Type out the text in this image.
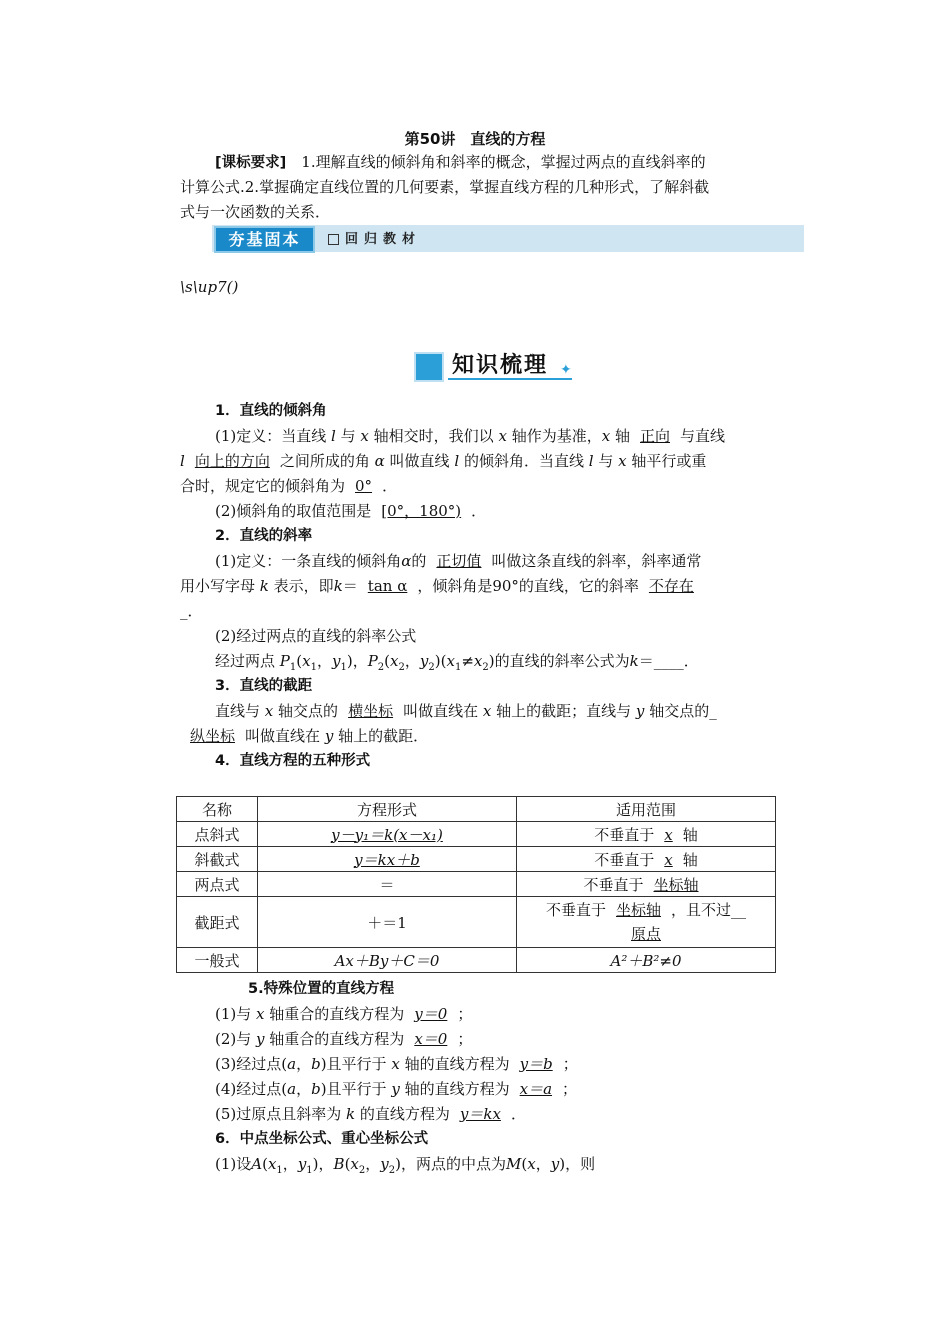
第50讲　直线的方程
[课标要求]　 1.理解直线的倾斜角和斜率的概念，掌握过两点的直线斜率的
计算公式.2.掌握确定直线位置的几何要素，掌握直线方程的几种形式，了解斜截
式与一次函数的关系．
夯基固本	回归教材
\s\up7()
知识梳理 ✦
1．直线的倾斜角
(1)定义：当直线 l 与 x 轴相交时，我们以 x 轴作为基准，x 轴 正向 与直线
l 向上的方向 之间所成的角 α 叫做直线 l 的倾斜角．当直线 l 与 x 轴平行或重
合时，规定它的倾斜角为 0° ．
(2)倾斜角的取值范围是 [0°，180°) ．
2．直线的斜率
(1)定义：一条直线的倾斜角α的 正切值 叫做这条直线的斜率，斜率通常
用小写字母 k 表示，即k＝ tan α ，倾斜角是90°的直线，它的斜率 不存在
_．
(2)经过两点的直线的斜率公式
经过两点 $P_1(x_1$，$y_1$)，$P_2(x_2$，$y_2)(x_1\ne x_2)$的直线的斜率公式为k＝____．
3．直线的截距
直线与 x 轴交点的 横坐标 叫做直线在 x 轴上的截距；直线与 y 轴交点的_
纵坐标 叫做直线在 y 轴上的截距．
4．直线方程的五种形式
名称	方程形式	适用范围
点斜式	y－y₁＝k(x－x₁)	不垂直于 x 轴
斜截式	y＝kx＋b	不垂直于 x 轴
两点式	＝	不垂直于 坐标轴
截距式	＋＝1	不垂直于 坐标轴 ，且不过__
原点
一般式	Ax＋By＋C＝0	A²＋B²≠0
5.特殊位置的直线方程
(1)与 x 轴重合的直线方程为 y＝0 ；
(2)与 y 轴重合的直线方程为 x＝0 ；
(3)经过点(a，b)且平行于 x 轴的直线方程为 y＝b ；
(4)经过点(a，b)且平行于 y 轴的直线方程为 x＝a ；
(5)过原点且斜率为 k 的直线方程为 y＝kx ．
6．中点坐标公式、重心坐标公式
(1)设$A(x_1$，$y_1$)，$B(x_2$，$y_2$)，两点的中点为M(x，y)，则
